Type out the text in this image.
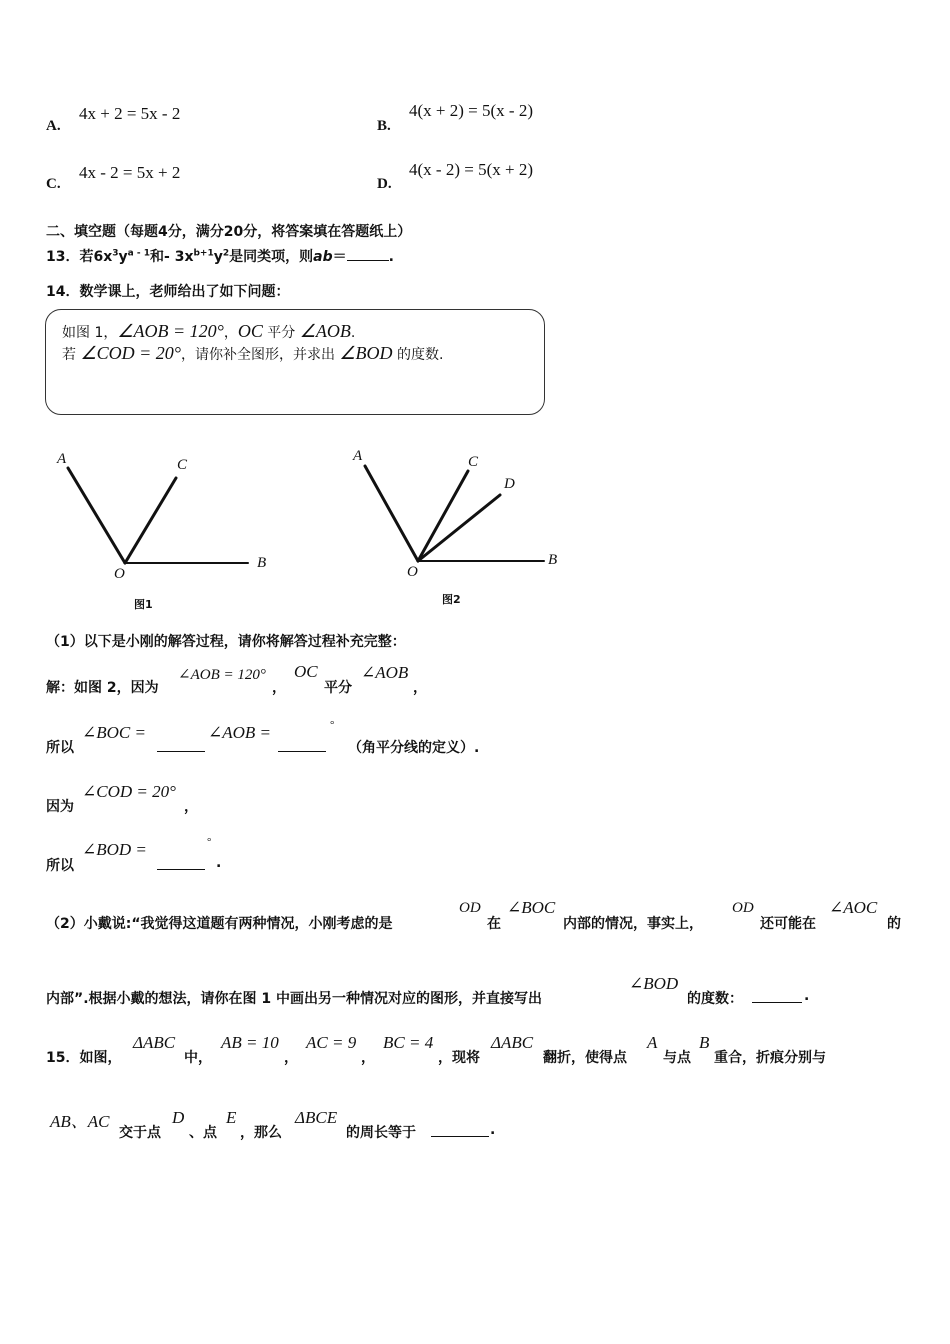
A.
4x + 2 = 5x - 2
B.
4(x + 2) = 5(x - 2)
C.
4x - 2 = 5x + 2
D.
4(x - 2) = 5(x + 2)
二、填空题（每题4分，满分20分，将答案填在答题纸上）
13．若$6x^3y^{a - 1}$和- $3x^{b+1}y^2$是同类项，则ab＝	.
14．数学课上，老师给出了如下问题：
如图 1，∠AOB = 120°，OC 平分 ∠AOB.
若 ∠COD = 20°，请你补全图形，并求出 ∠BOD 的度数.
A	C
O
B
图1
A	C
D
O
B
图2
（1）以下是小刚的解答过程，请你将解答过程补充完整：
解：如图 2，因为
∠AOB = 120°
，
OC
平分
∠AOB
，
所以
∠BOC =	∠AOB =	°
（角平分线的定义）.
因为
∠COD = 20°
，
所以
∠BOD =	°
.
（2）小戴说:“我觉得这道题有两种情况，小刚考虑的是
OD
在
∠BOC
内部的情况，事实上，
OD
还可能在
∠AOC
的
内部”.根据小戴的想法，请你在图 1 中画出另一种情况对应的图形，并直接写出
∠BOD
的度数：	.
15．如图，
ΔABC
中，
AB = 10
，
AC = 9
，
BC = 4
，现将
ΔABC
翻折，使得点
A
与点
B
重合，折痕分别与
AB、AC
交于点
D
、点
E
，那么
ΔBCE
的周长等于	.
